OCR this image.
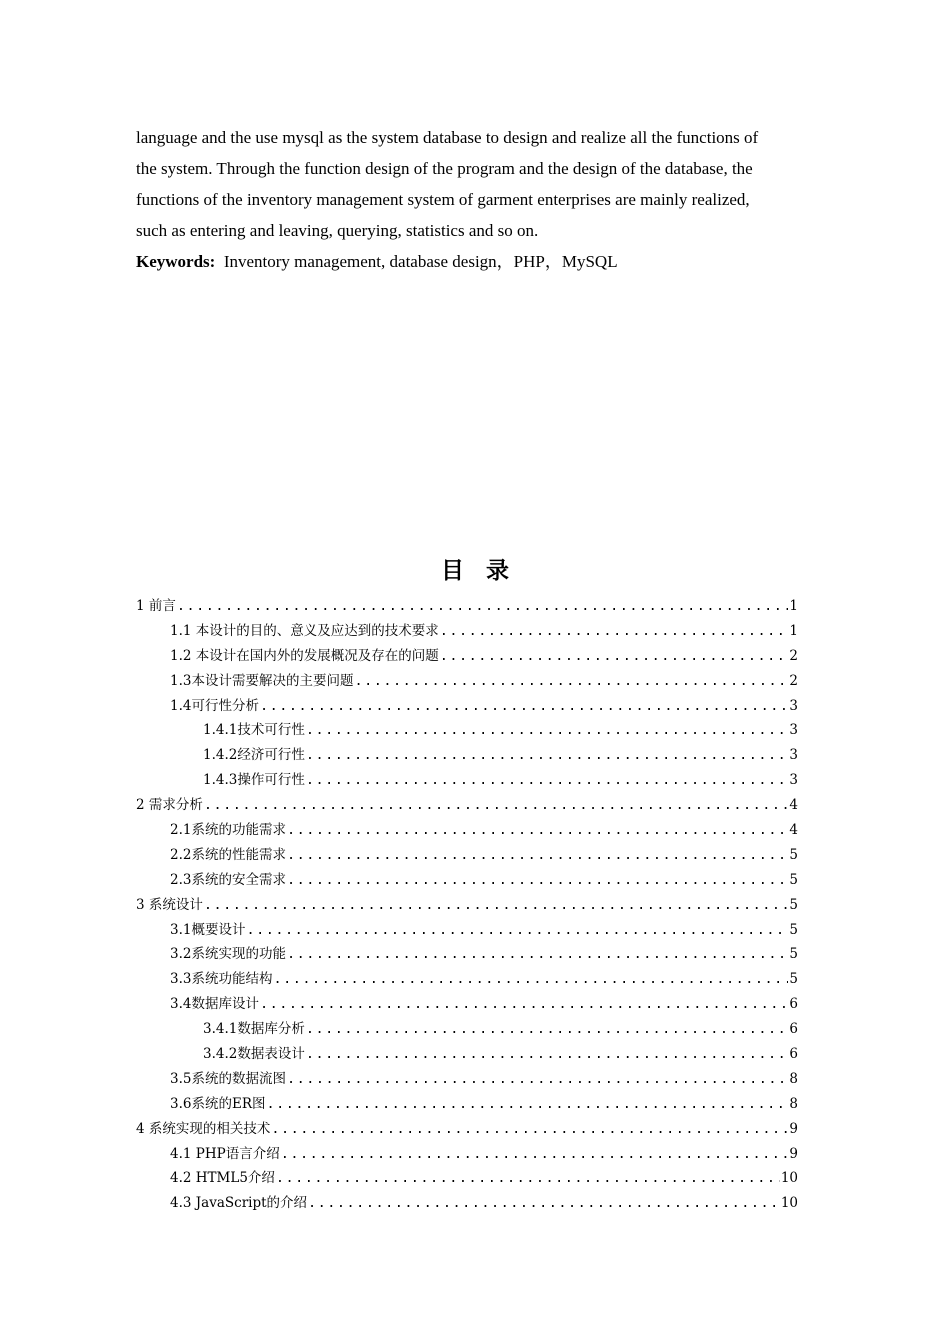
language and the use mysql as the system database to design and realize all the functions of

the system. Through the function design of the program and the design of the database, the

functions of the inventory management system of garment enterprises are mainly realized,

such as entering and leaving, querying, statistics and so on.

Keywords: Inventory management, database design，PHP，MySQL

目录
1 前言 .....	1
1.1 本设计的目的、意义及应达到的技术要求 .....	1
1.2 本设计在国内外的发展概况及存在的问题 .....	2
1.3本设计需要解决的主要问题 .....	2
1.4可行性分析 .....	3
1.4.1技术可行性 .....	3
1.4.2经济可行性 .....	3
1.4.3操作可行性 .....	3
2 需求分析 .....	4
2.1系统的功能需求 .....	4
2.2系统的性能需求 .....	5
2.3系统的安全需求 .....	5
3 系统设计 .....	5
3.1概要设计 .....	5
3.2系统实现的功能 .....	5
3.3系统功能结构 .....	5
3.4数据库设计 .....	6
3.4.1数据库分析 .....	6
3.4.2数据表设计 .....	6
3.5系统的数据流图 .....	8
3.6系统的ER图 .....	8
4 系统实现的相关技术 .....	9
4.1 PHP语言介绍 .....	9
4.2 HTML5介绍 .....	10
4.3 JavaScript的介绍 .....	10
